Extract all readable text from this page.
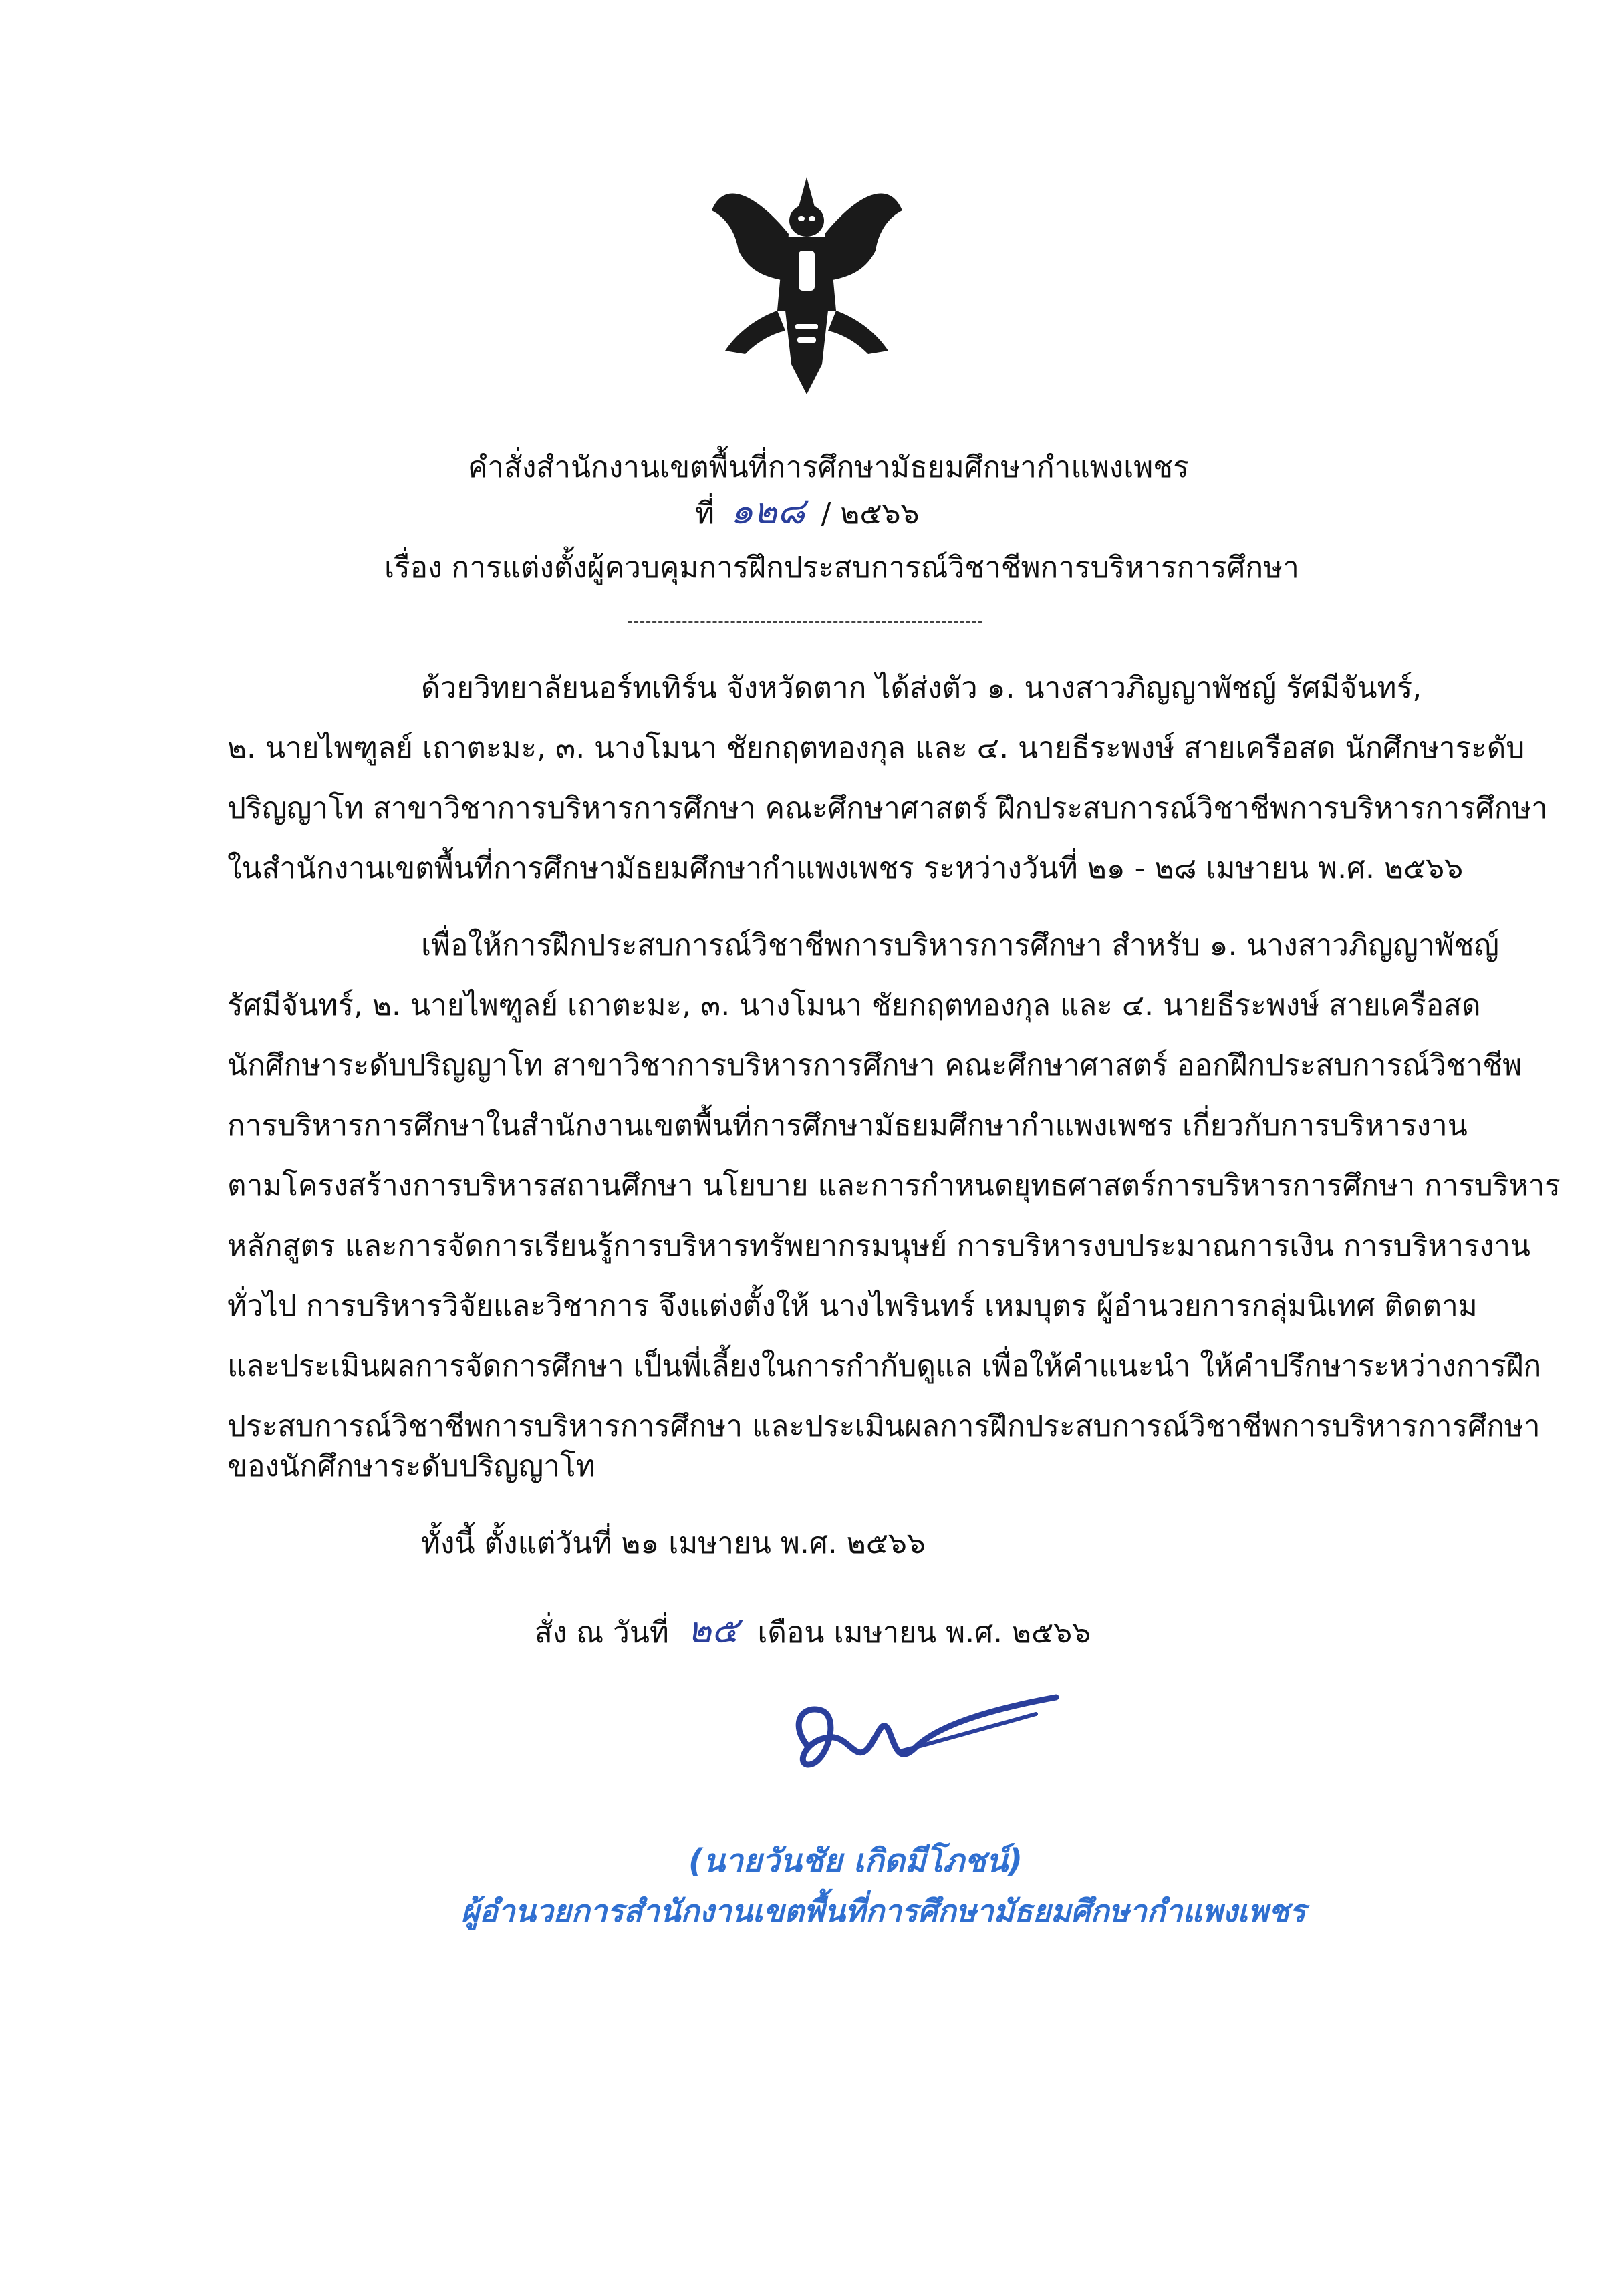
คำสั่งสำนักงานเขตพื้นที่การศึกษามัธยมศึกษากำแพงเพชร
ที่ ๑๒๘ / ๒๕๖๖
เรื่อง การแต่งตั้งผู้ควบคุมการฝึกประสบการณ์วิชาชีพการบริหารการศึกษา
ด้วยวิทยาลัยนอร์ทเทิร์น จังหวัดตาก ได้ส่งตัว ๑. นางสาวภิญญาพัชญ์ รัศมีจันทร์,
๒. นายไพฑูลย์ เถาตะมะ, ๓. นางโมนา ชัยกฤตทองกุล และ ๔. นายธีระพงษ์ สายเครือสด นักศึกษาระดับ
ปริญญาโท สาขาวิชาการบริหารการศึกษา คณะศึกษาศาสตร์ ฝึกประสบการณ์วิชาชีพการบริหารการศึกษา
ในสำนักงานเขตพื้นที่การศึกษามัธยมศึกษากำแพงเพชร ระหว่างวันที่ ๒๑ - ๒๘ เมษายน พ.ศ. ๒๕๖๖
เพื่อให้การฝึกประสบการณ์วิชาชีพการบริหารการศึกษา สำหรับ ๑. นางสาวภิญญาพัชญ์
รัศมีจันทร์, ๒. นายไพฑูลย์ เถาตะมะ, ๓. นางโมนา ชัยกฤตทองกุล และ ๔. นายธีระพงษ์ สายเครือสด
นักศึกษาระดับปริญญาโท สาขาวิชาการบริหารการศึกษา คณะศึกษาศาสตร์ ออกฝึกประสบการณ์วิชาชีพ
การบริหารการศึกษาในสำนักงานเขตพื้นที่การศึกษามัธยมศึกษากำแพงเพชร เกี่ยวกับการบริหารงาน
ตามโครงสร้างการบริหารสถานศึกษา นโยบาย และการกำหนดยุทธศาสตร์การบริหารการศึกษา การบริหาร
หลักสูตร และการจัดการเรียนรู้การบริหารทรัพยากรมนุษย์ การบริหารงบประมาณการเงิน การบริหารงาน
ทั่วไป การบริหารวิจัยและวิชาการ จึงแต่งตั้งให้ นางไพรินทร์ เหมบุตร ผู้อำนวยการกลุ่มนิเทศ ติดตาม
และประเมินผลการจัดการศึกษา เป็นพี่เลี้ยงในการกำกับดูแล เพื่อให้คำแนะนำ ให้คำปรึกษาระหว่างการฝึก
ประสบการณ์วิชาชีพการบริหารการศึกษา และประเมินผลการฝึกประสบการณ์วิชาชีพการบริหารการศึกษา
ของนักศึกษาระดับปริญญาโท
ทั้งนี้ ตั้งแต่วันที่ ๒๑ เมษายน พ.ศ. ๒๕๖๖
สั่ง ณ วันที่ ๒๕ เดือน เมษายน พ.ศ. ๒๕๖๖
(นายวันชัย เกิดมีโภชน์)
ผู้อำนวยการสำนักงานเขตพื้นที่การศึกษามัธยมศึกษากำแพงเพชร
